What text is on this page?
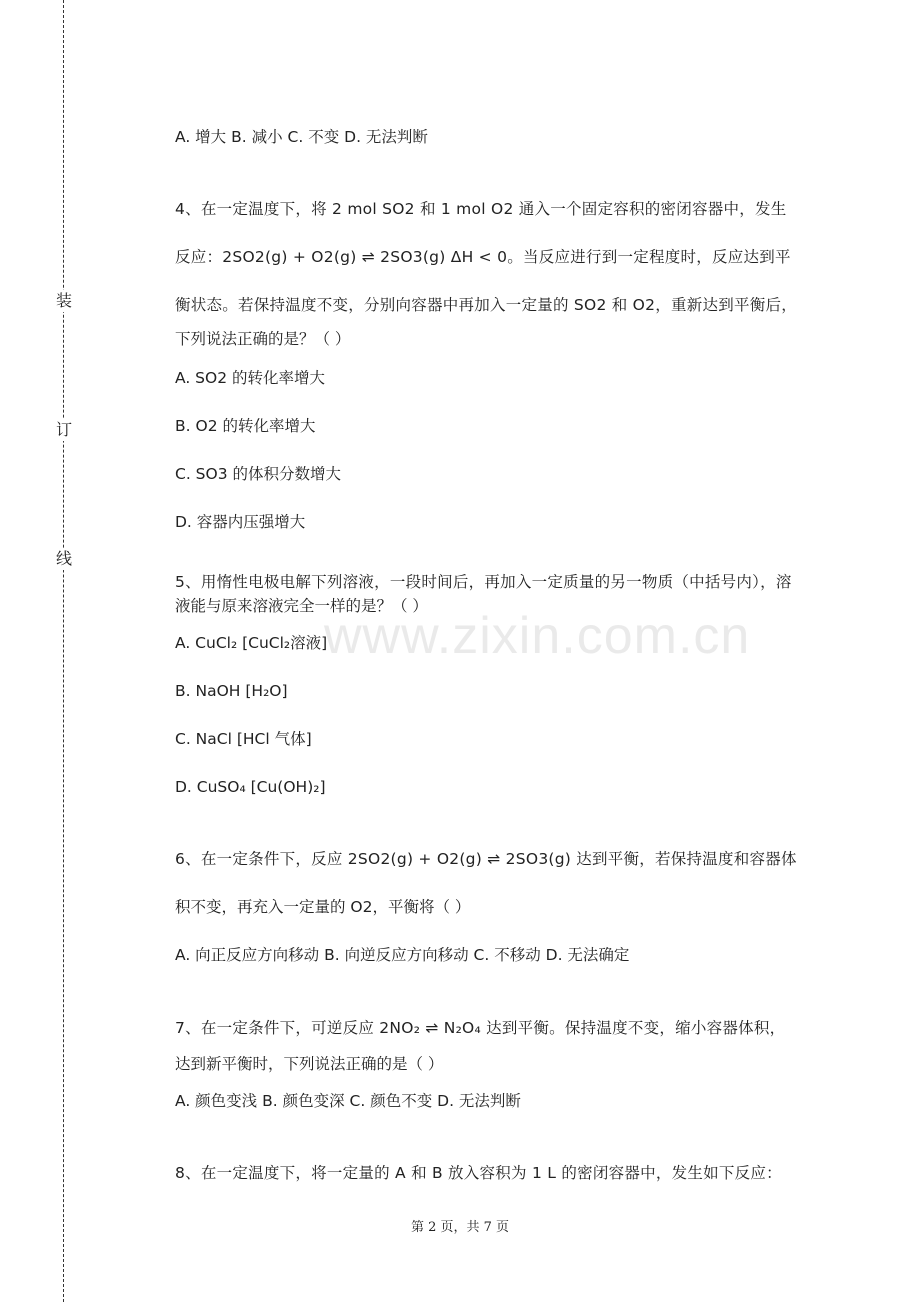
装
订
线
www.zixin.com.cn
A. 增大 B. 减小 C. 不变 D. 无法判断
4、在一定温度下，将 2 mol SO2 和 1 mol O2 通入一个固定容积的密闭容器中，发生
反应：2SO2(g) + O2(g) ⇌ 2SO3(g) ΔH < 0。当反应进行到一定程度时，反应达到平
衡状态。若保持温度不变，分别向容器中再加入一定量的 SO2 和 O2，重新达到平衡后，
下列说法正确的是？（ ）
A. SO2 的转化率增大
B. O2 的转化率增大
C. SO3 的体积分数增大
D. 容器内压强增大
5、用惰性电极电解下列溶液，一段时间后，再加入一定质量的另一物质（中括号内），溶
液能与原来溶液完全一样的是？（ ）
A. CuCl₂ [CuCl₂溶液]
B. NaOH [H₂O]
C. NaCl [HCl 气体]
D. CuSO₄ [Cu(OH)₂]
6、在一定条件下，反应 2SO2(g) + O2(g) ⇌ 2SO3(g) 达到平衡，若保持温度和容器体
积不变，再充入一定量的 O2，平衡将（ ）
A. 向正反应方向移动 B. 向逆反应方向移动 C. 不移动 D. 无法确定
7、在一定条件下，可逆反应 2NO₂ ⇌ N₂O₄ 达到平衡。保持温度不变，缩小容器体积，
达到新平衡时，下列说法正确的是（ ）
A. 颜色变浅 B. 颜色变深 C. 颜色不变 D. 无法判断
8、在一定温度下，将一定量的 A 和 B 放入容积为 1 L 的密闭容器中，发生如下反应：
第 2 页，共 7 页
